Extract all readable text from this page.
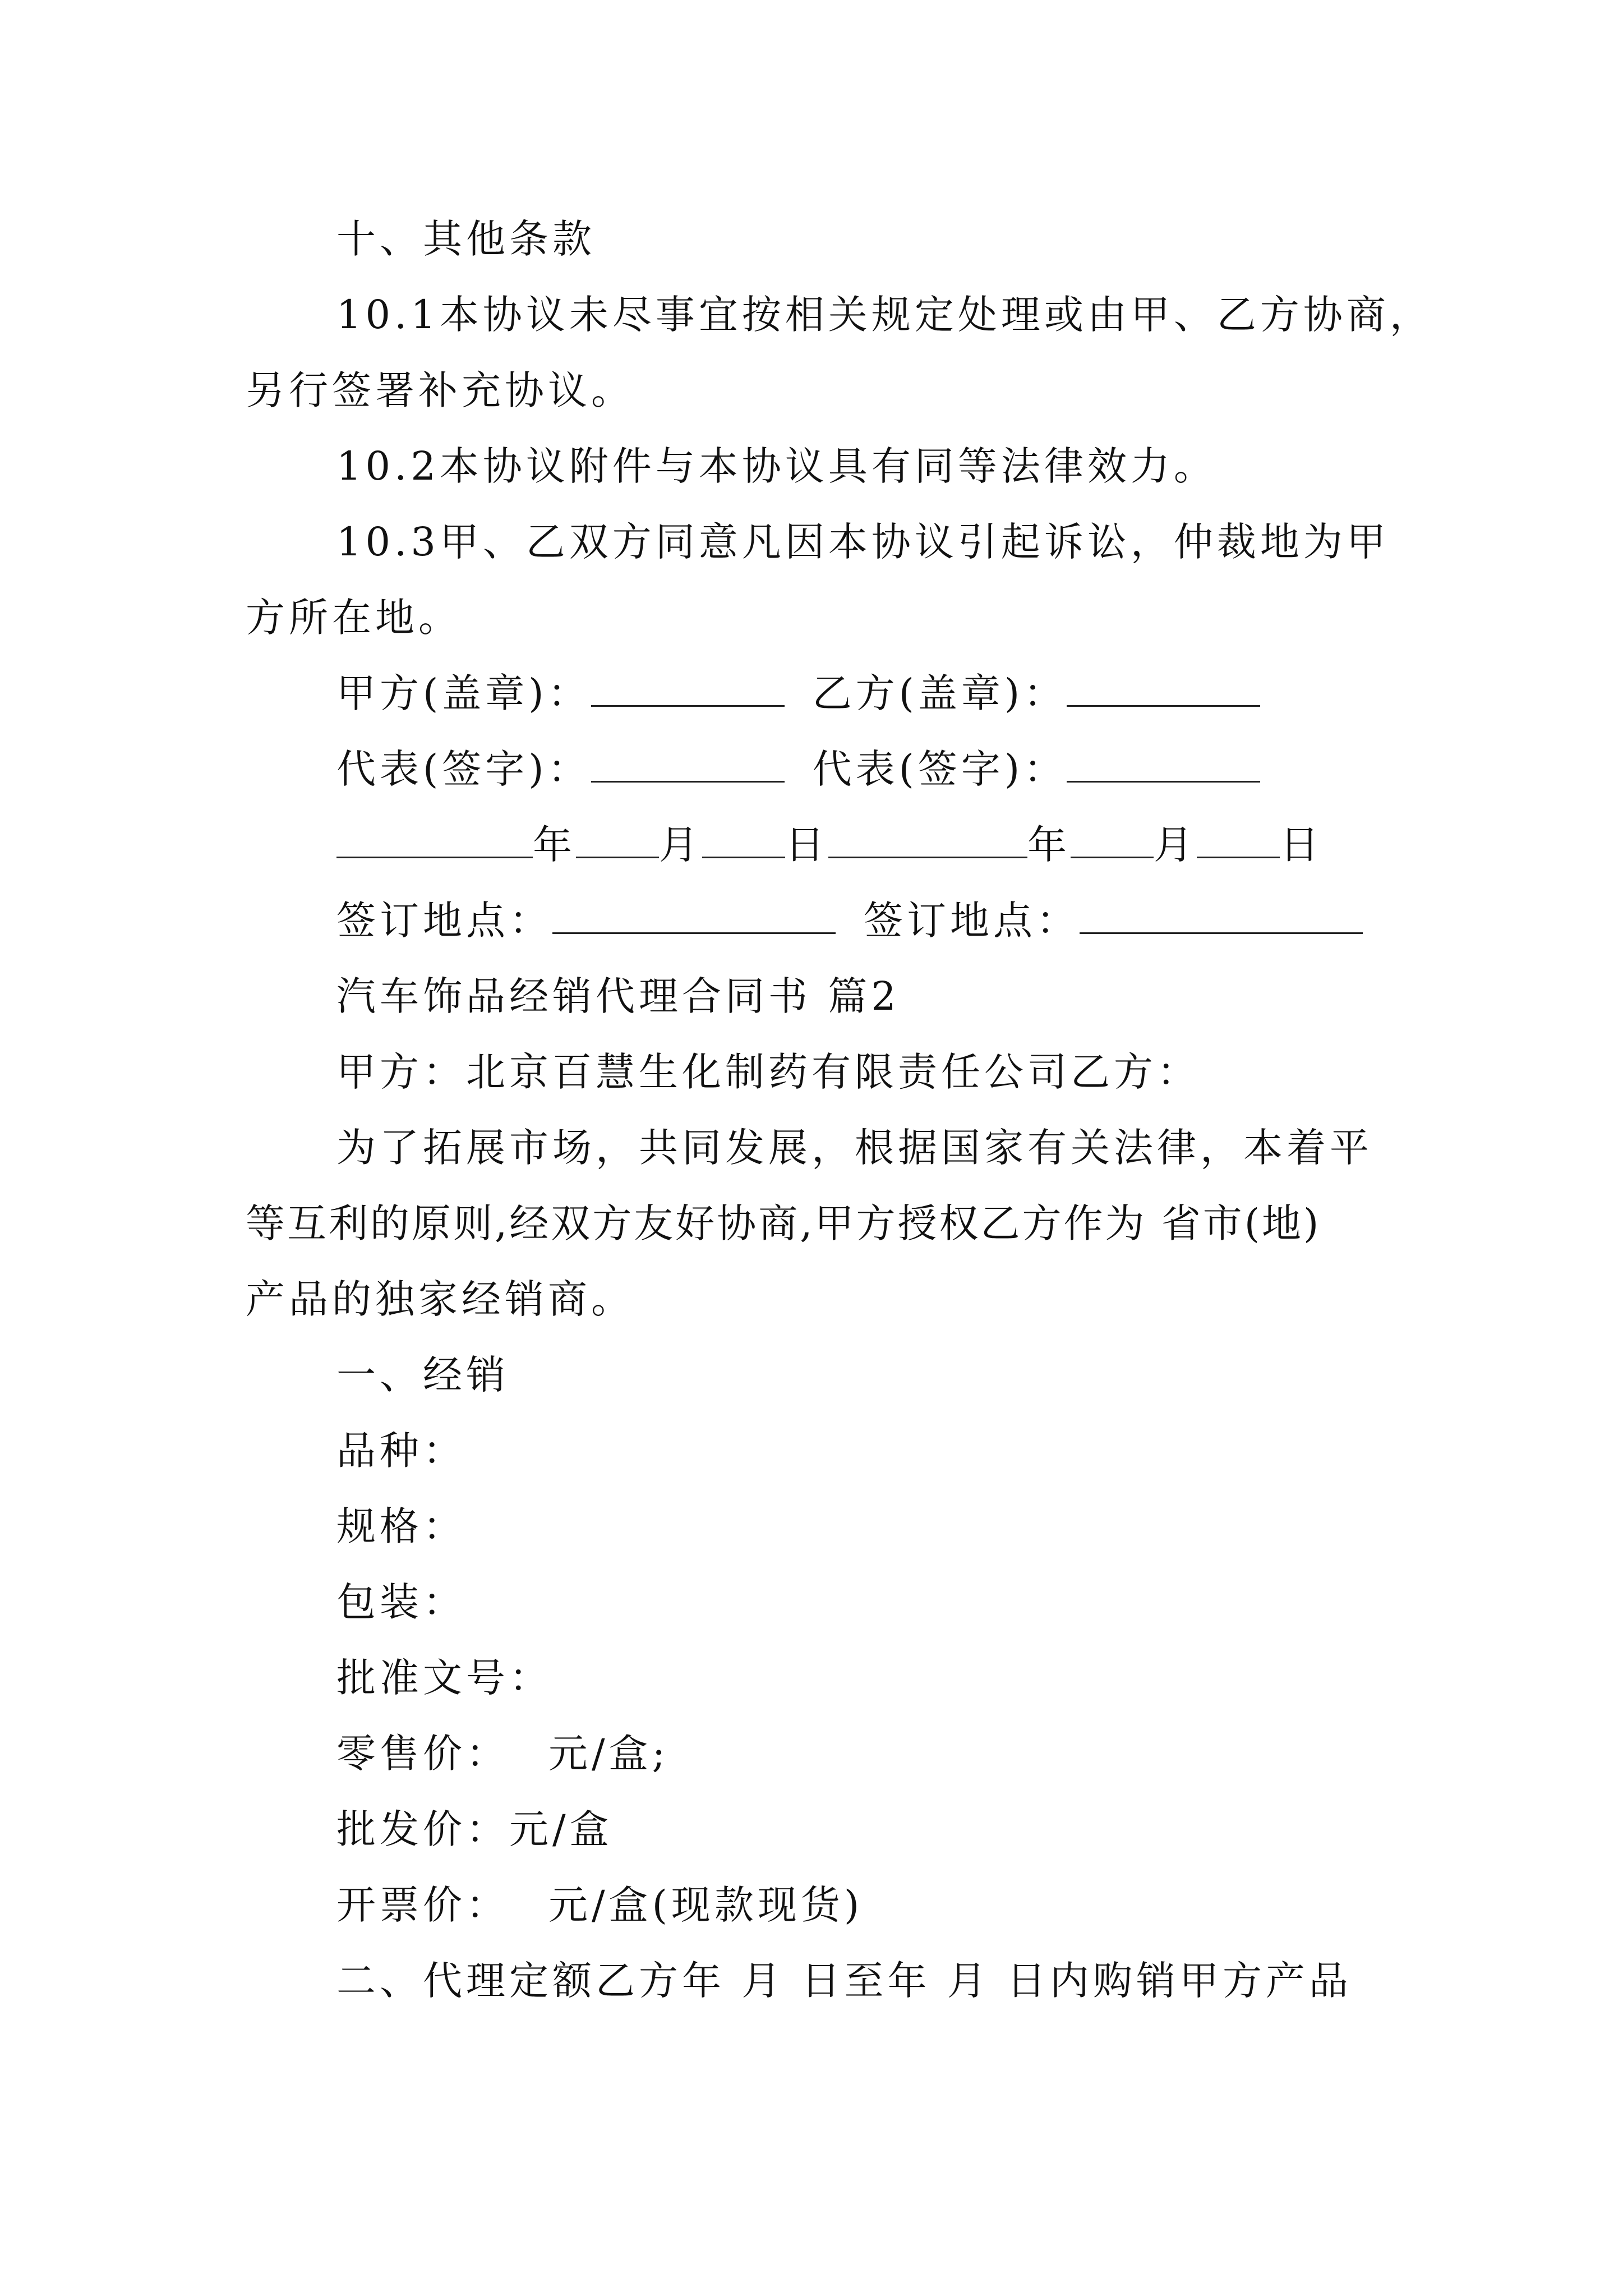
十、其他条款

10.1本协议未尽事宜按相关规定处理或由甲、乙方协商，

另行签署补充协议。

10.2本协议附件与本协议具有同等法律效力。

10.3甲、乙双方同意凡因本协议引起诉讼，仲裁地为甲

方所在地。

甲方(盖章)：	乙方(盖章)：

代表(签字)：	代表(签字)：

年 月 日	年 月 日

签订地点：	签订地点：

汽车饰品经销代理合同书 篇2

甲方：北京百慧生化制药有限责任公司乙方：

为了拓展市场，共同发展，根据国家有关法律，本着平

等互利的原则,经双方友好协商,甲方授权乙方作为 省市(地)

产品的独家经销商。

一、经销

品种：

规格：

包装：

批准文号：

零售价： 元/盒;

批发价：元/盒

开票价： 元/盒(现款现货)

二、代理定额乙方年 月 日至年 月 日内购销甲方产品
